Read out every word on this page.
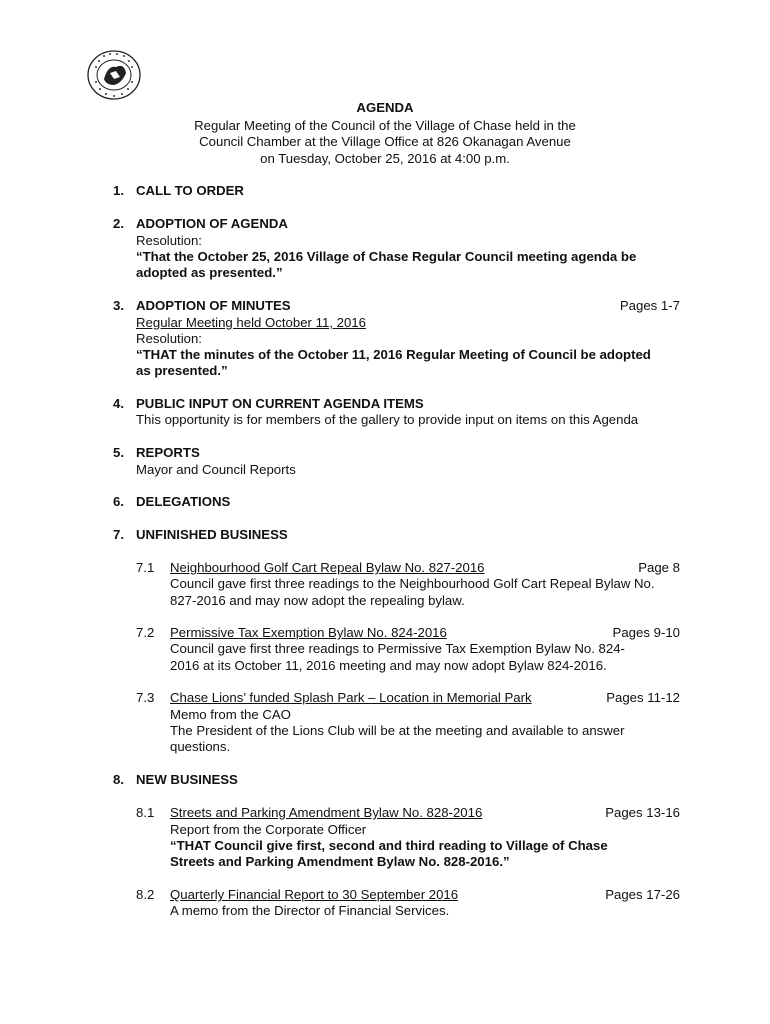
AGENDA
Regular Meeting of the Council of the Village of Chase held in the
Council Chamber at the Village Office at 826 Okanagan Avenue
on Tuesday, October 25, 2016 at 4:00 p.m.
1. CALL TO ORDER
2. ADOPTION OF AGENDA
Resolution:
“That the October 25, 2016 Village of Chase Regular Council meeting agenda be
adopted as presented.”
3. ADOPTION OF MINUTES	Pages 1-7
Regular Meeting held October 11, 2016
Resolution:
“THAT the minutes of the October 11, 2016 Regular Meeting of Council be adopted
as presented.”
4. PUBLIC INPUT ON CURRENT AGENDA ITEMS
This opportunity is for members of the gallery to provide input on items on this Agenda
5. REPORTS
Mayor and Council Reports
6. DELEGATIONS
7. UNFINISHED BUSINESS
7.1 Neighbourhood Golf Cart Repeal Bylaw No. 827-2016	Page 8
Council gave first three readings to the Neighbourhood Golf Cart Repeal Bylaw No.
827-2016 and may now adopt the repealing bylaw.
7.2 Permissive Tax Exemption Bylaw No. 824-2016	Pages 9-10
Council gave first three readings to Permissive Tax Exemption Bylaw No. 824-
2016 at its October 11, 2016 meeting and may now adopt Bylaw 824-2016.
7.3 Chase Lions’ funded Splash Park – Location in Memorial Park	Pages 11-12
Memo from the CAO
The President of the Lions Club will be at the meeting and available to answer
questions.
8. NEW BUSINESS
8.1 Streets and Parking Amendment Bylaw No. 828-2016	Pages 13-16
Report from the Corporate Officer
“THAT Council give first, second and third reading to Village of Chase
Streets and Parking Amendment Bylaw No. 828-2016.”
8.2 Quarterly Financial Report to 30 September 2016	Pages 17-26
A memo from the Director of Financial Services.
